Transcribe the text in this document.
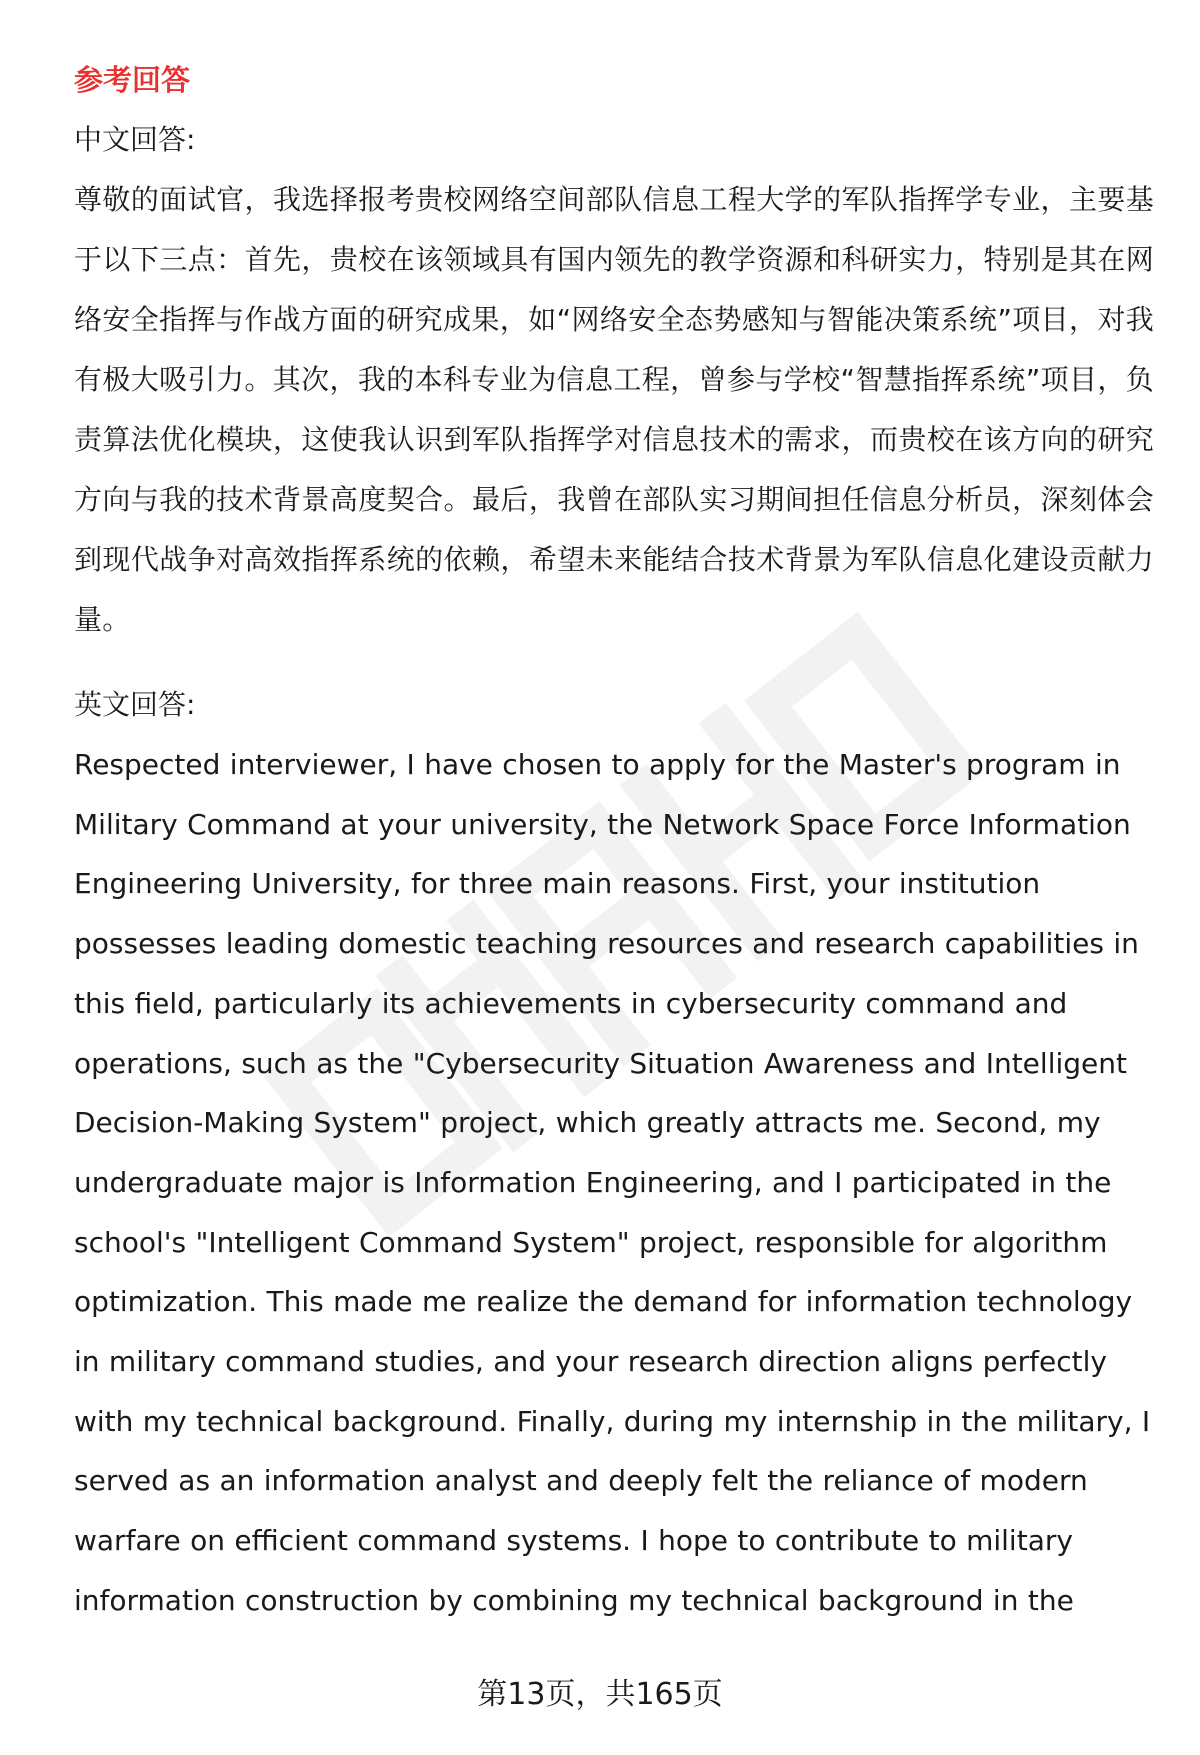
参考回答

中文回答:

尊敬的面试官，我选择报考贵校网络空间部队信息工程大学的军队指挥学专业，主要基于以下三点：首先，贵校在该领域具有国内领先的教学资源和科研实力，特别是其在网络安全指挥与作战方面的研究成果，如“网络安全态势感知与智能决策系统”项目，对我有极大吸引力。其次，我的本科专业为信息工程，曾参与学校“智慧指挥系统”项目，负责算法优化模块，这使我认识到军队指挥学对信息技术的需求，而贵校在该方向的研究方向与我的技术背景高度契合。最后，我曾在部队实习期间担任信息分析员，深刻体会到现代战争对高效指挥系统的依赖，希望未来能结合技术背景为军队信息化建设贡献力量。

英文回答:

Respected interviewer, I have chosen to apply for the Master's program in Military Command at your university, the Network Space Force Information Engineering University, for three main reasons. First, your institution possesses leading domestic teaching resources and research capabilities in this field, particularly its achievements in cybersecurity command and operations, such as the "Cybersecurity Situation Awareness and Intelligent Decision-Making System" project, which greatly attracts me. Second, my undergraduate major is Information Engineering, and I participated in the school's "Intelligent Command System" project, responsible for algorithm optimization. This made me realize the demand for information technology in military command studies, and your research direction aligns perfectly with my technical background. Finally, during my internship in the military, I served as an information analyst and deeply felt the reliance of modern warfare on efficient command systems. I hope to contribute to military information construction by combining my technical background in the

第13页，共165页
